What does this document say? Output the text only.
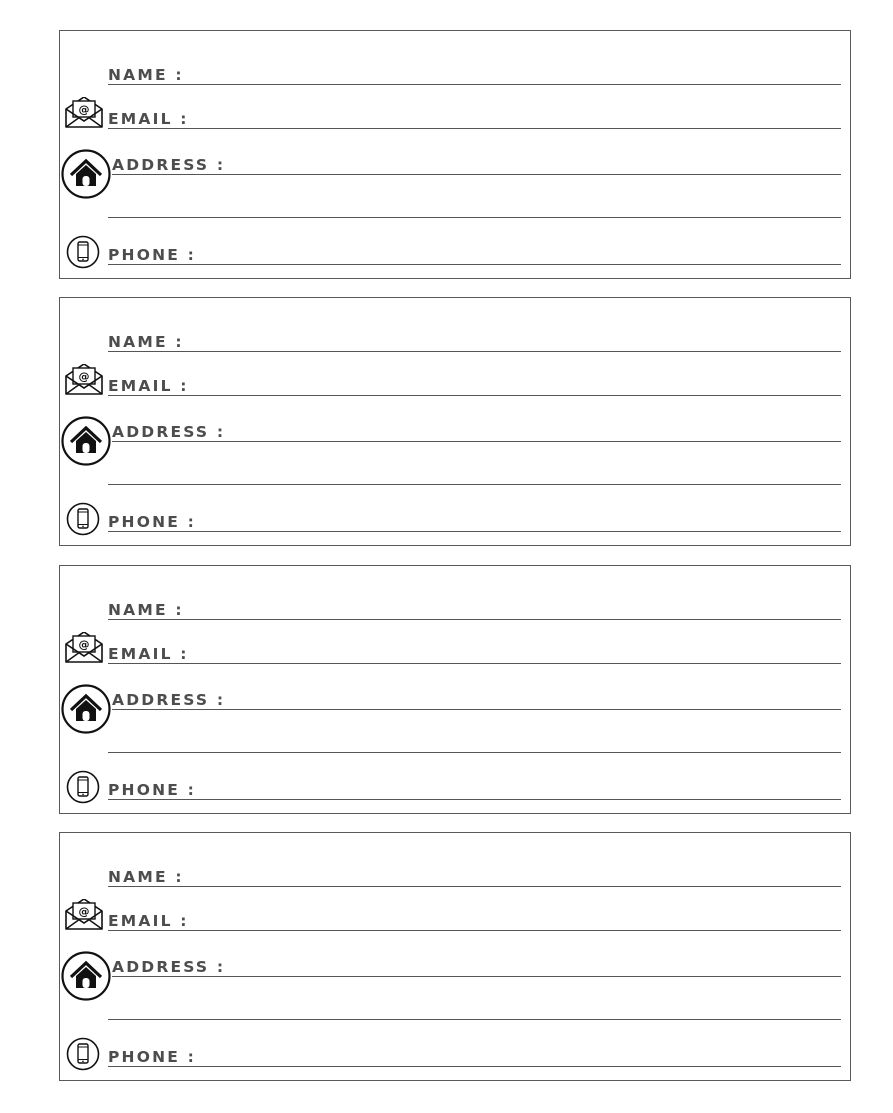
NAME :
@ EMAIL :
ADDRESS :
PHONE :
NAME :
@ EMAIL :
ADDRESS :
PHONE :
NAME :
@ EMAIL :
ADDRESS :
PHONE :
NAME :
@ EMAIL :
ADDRESS :
PHONE :
